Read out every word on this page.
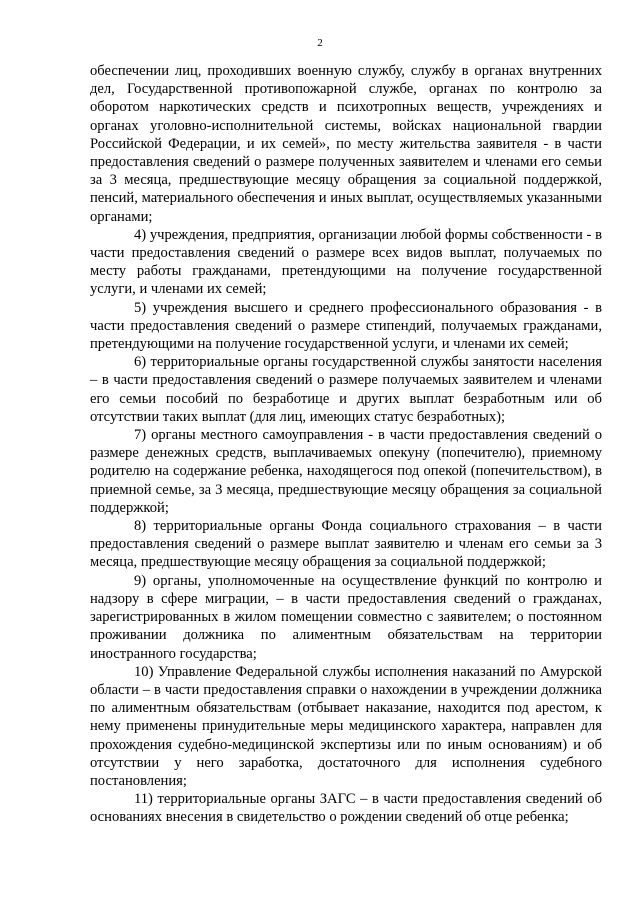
2

обеспечении лиц, проходивших военную службу, службу в органах внутренних дел, Государственной противопожарной службе, органах по контролю за оборотом наркотических средств и психотропных веществ, учреждениях и органах уголовно-исполнительной системы, войсках национальной гвардии Российской Федерации, и их семей», по месту жительства заявителя - в части предоставления сведений о размере полученных заявителем и членами его семьи за 3 месяца, предшествующие месяцу обращения за социальной поддержкой, пенсий, материального обеспечения и иных выплат, осуществляемых указанными органами;

4) учреждения, предприятия, организации любой формы собственности - в части предоставления сведений о размере всех видов выплат, получаемых по месту работы гражданами, претендующими на получение государственной услуги, и членами их семей;

5) учреждения высшего и среднего профессионального образования - в части предоставления сведений о размере стипендий, получаемых гражданами, претендующими на получение государственной услуги, и членами их семей;

6) территориальные органы государственной службы занятости населения – в части предоставления сведений о размере получаемых заявителем и членами его семьи пособий по безработице и других выплат безработным или об отсутствии таких выплат (для лиц, имеющих статус безработных);

7) органы местного самоуправления - в части предоставления сведений о размере денежных средств, выплачиваемых опекуну (попечителю), приемному родителю на содержание ребенка, находящегося под опекой (попечительством), в приемной семье, за 3 месяца, предшествующие месяцу обращения за социальной поддержкой;

8) территориальные органы Фонда социального страхования – в части предоставления сведений о размере выплат заявителю и членам его семьи за 3 месяца, предшествующие месяцу обращения за социальной поддержкой;

9) органы, уполномоченные на осуществление функций по контролю и надзору в сфере миграции, – в части предоставления сведений о гражданах, зарегистрированных в жилом помещении совместно с заявителем; о постоянном проживании должника по алиментным обязательствам на территории иностранного государства;

10) Управление Федеральной службы исполнения наказаний по Амурской области – в части предоставления справки о нахождении в учреждении должника по алиментным обязательствам (отбывает наказание, находится под арестом, к нему применены принудительные меры медицинского характера, направлен для прохождения судебно-медицинской экспертизы или по иным основаниям) и об отсутствии у него заработка, достаточного для исполнения судебного постановления;

11) территориальные органы ЗАГС – в части предоставления сведений об основаниях внесения в свидетельство о рождении сведений об отце ребенка;
